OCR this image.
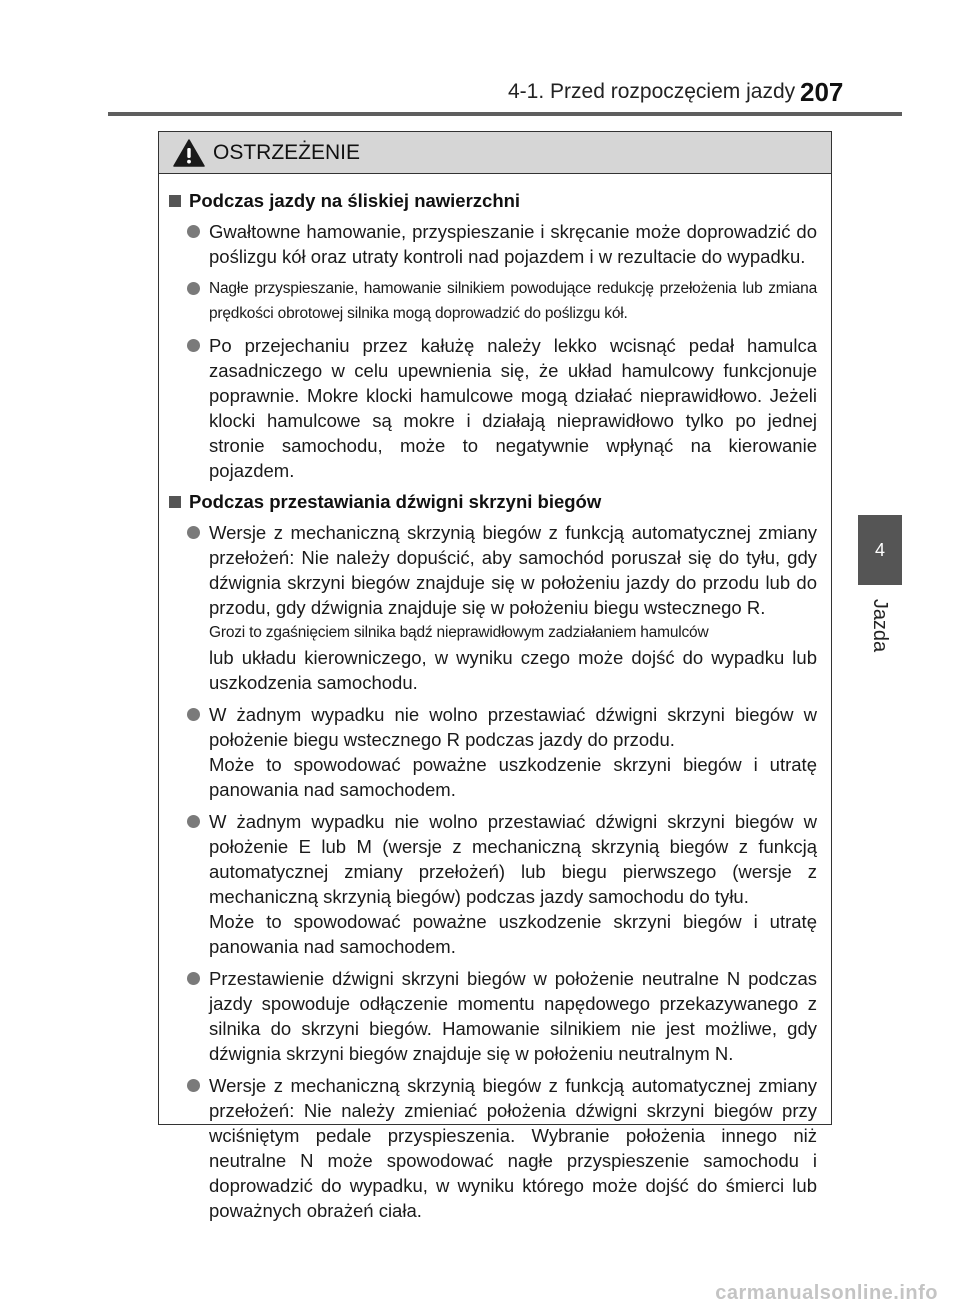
4-1. Przed rozpoczęciem jazdy 207
4
Jazda
OSTRZEŻENIE
Podczas jazdy na śliskiej nawierzchni
Gwałtowne hamowanie, przyspieszanie i skręcanie może doprowadzić do poślizgu kół oraz utraty kontroli nad pojazdem i w rezultacie do wypadku.
Nagłe przyspieszanie, hamowanie silnikiem powodujące redukcję przełożenia lub zmiana prędkości obrotowej silnika mogą doprowadzić do poślizgu kół.
Po przejechaniu przez kałużę należy lekko wcisnąć pedał hamulca zasadniczego w celu upewnienia się, że układ hamulcowy funkcjonuje poprawnie. Mokre klocki hamulcowe mogą działać nieprawidłowo. Jeżeli klocki hamulcowe są mokre i działają nieprawidłowo tylko po jednej stronie samochodu, może to negatywnie wpłynąć na kierowanie pojazdem.
Podczas przestawiania dźwigni skrzyni biegów
Wersje z mechaniczną skrzynią biegów z funkcją automatycznej zmiany przełożeń: Nie należy dopuścić, aby samochód poruszał się do tyłu, gdy dźwignia skrzyni biegów znajduje się w położeniu jazdy do przodu lub do przodu, gdy dźwignia znajduje się w położeniu biegu wstecznego R.
Grozi to zgaśnięciem silnika bądź nieprawidłowym zadziałaniem hamulców
lub układu kierowniczego, w wyniku czego może dojść do wypadku lub uszkodzenia samochodu.
W żadnym wypadku nie wolno przestawiać dźwigni skrzyni biegów w położenie biegu wstecznego R podczas jazdy do przodu.
Może to spowodować poważne uszkodzenie skrzyni biegów i utratę panowania nad samochodem.
W żadnym wypadku nie wolno przestawiać dźwigni skrzyni biegów w położenie E lub M (wersje z mechaniczną skrzynią biegów z funkcją automatycznej zmiany przełożeń) lub biegu pierwszego (wersje z mechaniczną skrzynią biegów) podczas jazdy samochodu do tyłu.
Może to spowodować poważne uszkodzenie skrzyni biegów i utratę panowania nad samochodem.
Przestawienie dźwigni skrzyni biegów w położenie neutralne N podczas jazdy spowoduje odłączenie momentu napędowego przekazywanego z silnika do skrzyni biegów. Hamowanie silnikiem nie jest możliwe, gdy dźwignia skrzyni biegów znajduje się w położeniu neutralnym N.
Wersje z mechaniczną skrzynią biegów z funkcją automatycznej zmiany przełożeń: Nie należy zmieniać położenia dźwigni skrzyni biegów przy wciśniętym pedale przyspieszenia. Wybranie położenia innego niż neutralne N może spowodować nagłe przyspieszenie samochodu i doprowadzić do wypadku, w wyniku którego może dojść do śmierci lub poważnych obrażeń ciała.
carmanualsonline.info
